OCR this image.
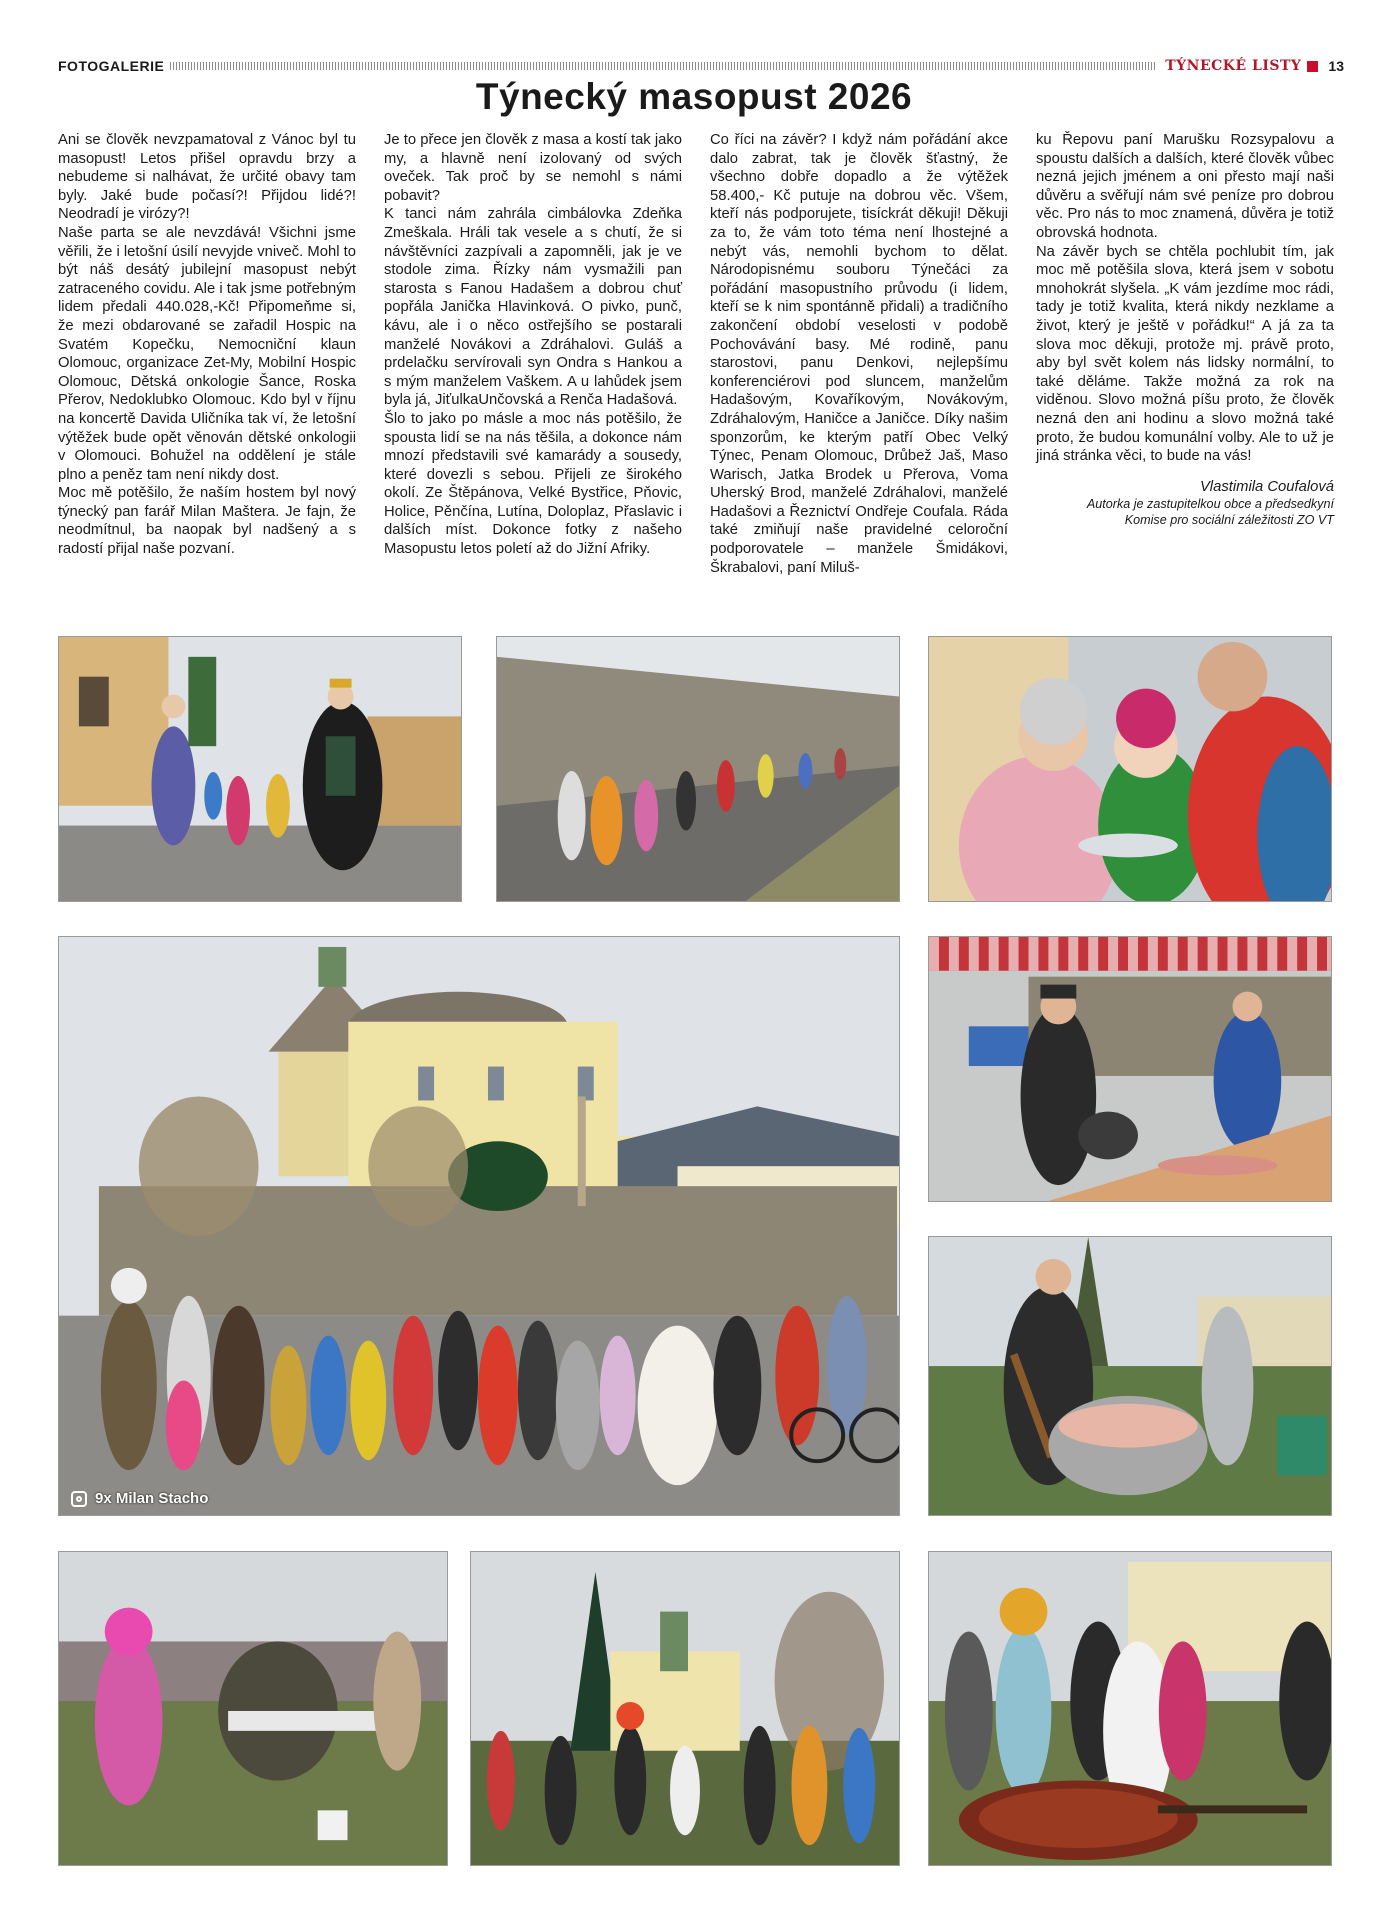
FOTOGALERIE	TÝNECKÉ LISTY 13
Týnecký masopust 2026

Ani se člověk nevzpamatoval z Vánoc byl tu masopust! Letos přišel opravdu brzy a nebudeme si nalhávat, že určité obavy tam byly. Jaké bude počasí?! Přijdou lidé?! Neodradí je virózy?!

Naše parta se ale nevzdává! Všichni jsme věřili, že i letošní úsilí nevyjde vniveč. Mohl to být náš desátý jubilejní masopust nebýt zatraceného covidu. Ale i tak jsme potřebným lidem předali 440.028,-Kč! Připomeňme si, že mezi obdarované se zařadil Hospic na Svatém Kopečku, Nemocniční klaun Olomouc, organizace Zet-My, Mobilní Hospic Olomouc, Dětská onkologie Šance, Roska Přerov, Nedoklubko Olomouc. Kdo byl v říjnu na koncertě Davida Uličníka tak ví, že letošní výtěžek bude opět věnován dětské onkologii v Olomouci. Bohužel na oddělení je stále plno a peněz tam není nikdy dost.

Moc mě potěšilo, že naším hostem byl nový týnecký pan farář Milan Maštera. Je fajn, že neodmítnul, ba naopak byl nadšený a s radostí přijal naše pozvaní.

Je to přece jen člověk z masa a kostí tak jako my, a hlavně není izolovaný od svých oveček. Tak proč by se nemohl s námi pobavit?

K tanci nám zahrála cimbálovka Zdeňka Zmeškala. Hráli tak vesele a s chutí, že si návštěvníci zazpívali a zapomněli, jak je ve stodole zima. Řízky nám vysmažili pan starosta s Fanou Hadašem a dobrou chuť popřála Janička Hlavinková. O pivko, punč, kávu, ale i o něco ostřejšího se postarali manželé Novákovi a Zdráhalovi. Guláš a prdelačku servírovali syn Ondra s Hankou a s mým manželem Vaškem. A u lahůdek jsem byla já, JiťulkaUnčovská a Renča Hadašová.

Šlo to jako po másle a moc nás potěšilo, že spousta lidí se na nás těšila, a dokonce nám mnozí představili své kamarády a sousedy, které dovezli s sebou. Přijeli ze širokého okolí. Ze Štěpánova, Velké Bystřice, Pňovic, Holice, Pěnčína, Lutína, Doloplaz, Přaslavic i dalších míst. Dokonce fotky z našeho Masopustu letos poletí až do Jižní Afriky.

Co říci na závěr? I když nám pořádání akce dalo zabrat, tak je člověk šťastný, že všechno dobře dopadlo a že výtěžek 58.400,- Kč putuje na dobrou věc. Všem, kteří nás podporujete, tisíckrát děkuji! Děkuji za to, že vám toto téma není lhostejné a nebýt vás, nemohli bychom to dělat. Národopisnému souboru Týnečáci za pořádání masopustního průvodu (i lidem, kteří se k nim spontánně přidali) a tradičního zakončení období veselosti v podobě Pochovávání basy. Mé rodině, panu starostovi, panu Denkovi, nejlepšímu konferenciérovi pod sluncem, manželům Hadašovým, Kovaříkovým, Novákovým, Zdráhalovým, Haničce a Janičce. Díky našim sponzorům, ke kterým patří Obec Velký Týnec, Penam Olomouc, Drůbež Jaš, Maso Warisch, Jatka Brodek u Přerova, Voma Uherský Brod, manželé Zdráhalovi, manželé Hadašovi a Řeznictví Ondřeje Coufala. Ráda také zmiňují naše pravidelné celoroční podporovatele – manžele Šmidákovi, Škrabalovi, paní Miluš-

ku Řepovu paní Marušku Rozsypalovu a spoustu dalších a dalších, které člověk vůbec nezná jejich jménem a oni přesto mají naši důvěru a svěřují nám své peníze pro dobrou věc. Pro nás to moc znamená, důvěra je totiž obrovská hodnota.

Na závěr bych se chtěla pochlubit tím, jak moc mě potěšila slova, která jsem v sobotu mnohokrát slyšela. „K vám jezdíme moc rádi, tady je totiž kvalita, která nikdy nezklame a život, který je ještě v pořádku!“ A já za ta slova moc děkuji, protože mj. právě proto, aby byl svět kolem nás lidsky normální, to také děláme. Takže možná za rok na viděnou. Slovo možná píšu proto, že člověk nezná den ani hodinu a slovo možná také proto, že budou komunální volby. Ale to už je jiná stránka věci, to bude na vás!

Vlastimila Coufalová
Autorka je zastupitelkou obce a předsedkyní
Komise pro sociální záležitosti ZO VT
9x Milan Stacho
